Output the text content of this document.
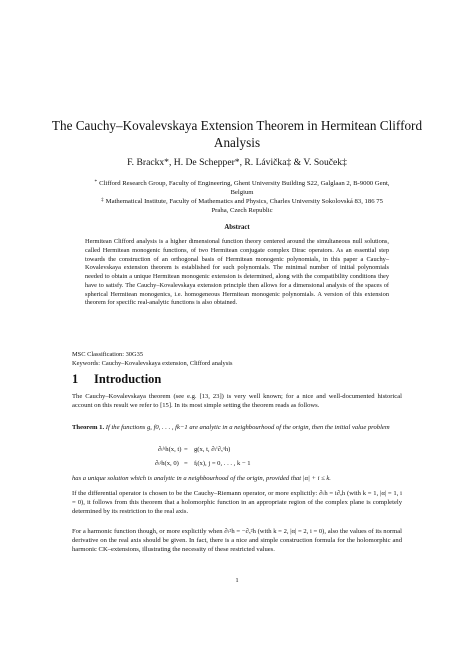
The Cauchy–Kovalevskaya Extension Theorem in Hermitean Clifford Analysis
F. Brackx*, H. De Schepper*, R. Lávička‡ & V. Souček‡
* Clifford Research Group, Faculty of Engineering, Ghent University Building S22, Galglaan 2, B-9000 Gent, Belgium
‡ Mathematical Institute, Faculty of Mathematics and Physics, Charles University Sokolovská 83, 186 75 Praha, Czech Republic
Abstract
Hermitean Clifford analysis is a higher dimensional function theory centered around the simultaneous null solutions, called Hermitean monogenic functions, of two Hermitean conjugate complex Dirac operators. As an essential step towards the construction of an orthogonal basis of Hermitean monogenic polynomials, in this paper a Cauchy–Kovalevskaya extension theorem is established for such polynomials. The minimal number of initial polynomials needed to obtain a unique Hermitean monogenic extension is determined, along with the compatibility conditions they have to satisfy. The Cauchy–Kovalevskaya extension principle then allows for a dimensional analysis of the spaces of spherical Hermitean monogenics, i.e. homogeneous Hermitean monogenic polynomials. A version of this extension theorem for specific real-analytic functions is also obtained.
MSC Classification: 30G35
Keywords: Cauchy–Kovalevskaya extension, Clifford analysis
1 Introduction
The Cauchy–Kovalevskaya theorem (see e.g. [13, 23]) is very well known; for a nice and well-documented historical account on this result we refer to [15]. In its most simple setting the theorem reads as follows.
Theorem 1. If the functions g, f0, . . . , fk−1 are analytic in a neighbourhood of the origin, then the initial value problem
∂ₜᵏh(x, t) = g(x, t, ∂ₜⁱ∂ₓᵅh)
∂ₜʲh(x, 0) = fⱼ(x), j = 0, . . . , k − 1
has a unique solution which is analytic in a neighbourhood of the origin, provided that |α| + i ≤ k.
If the differential operator is chosen to be the Cauchy–Riemann operator, or more explicitly: ∂ₜh = i∂ₓh (with k = 1, |α| = 1, i = 0), it follows from this theorem that a holomorphic function in an appropriate region of the complex plane is completely determined by its restriction to the real axis.
For a harmonic function though, or more explicitly when ∂ₜ²h = −∂ₓ²h (with k = 2, |α| = 2, i = 0), also the values of its normal derivative on the real axis should be given. In fact, there is a nice and simple construction formula for the holomorphic and harmonic CK–extensions, illustrating the necessity of these restricted values.
1
